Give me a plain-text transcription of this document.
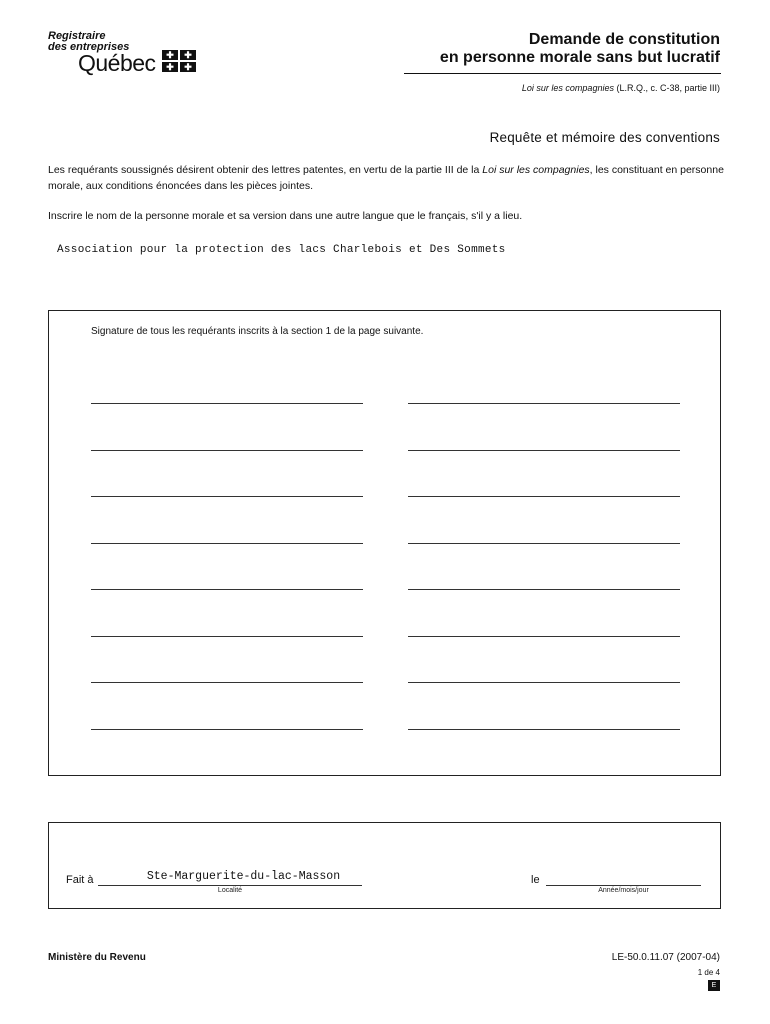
Registraire
des entreprises
Québec	✚	✚
✚	✚
Demande de constitution
en personne morale sans but lucratif
Loi sur les compagnies (L.R.Q., c. C-38, partie III)
Requête et mémoire des conventions
Les requérants soussignés désirent obtenir des lettres patentes, en vertu de la partie III de la Loi sur les compagnies, les constituant en personne morale, aux conditions énoncées dans les pièces jointes.
Inscrire le nom de la personne morale et sa version dans une autre langue que le français, s'il y a lieu.
Association pour la protection des lacs Charlebois et Des Sommets
Signature de tous les requérants inscrits à la section 1 de la page suivante.
Fait à	Ste-Marguerite-du-lac-Masson
Localité
le
Année/mois/jour
Ministère du Revenu	LE-50.0.11.07 (2007-04)
1 de 4
E
